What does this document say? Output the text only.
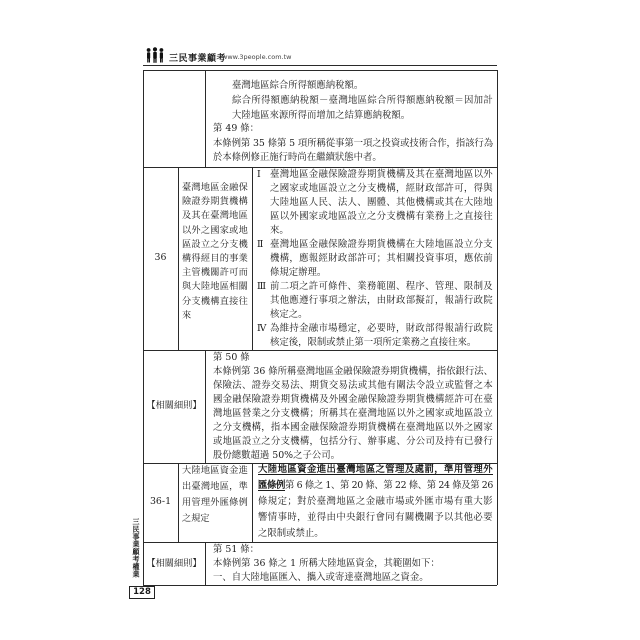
三民事業顧考
www.3people.com.tw
臺灣地區綜合所得額應納稅額。
綜合所得額應納稅額－臺灣地區綜合所得額應納稅額＝因加計
大陸地區來源所得而增加之結算應納稅額。
第 49 條：
本條例第 35 條第 5 項所稱從事第一項之投資或技術合作，指該行為
於本條例修正施行時尚在繼續狀態中者。
36
臺灣地區金融保
險證券期貨機構
及其在臺灣地區
以外之國家或地
區設立之分支機
構得經目的事業
主管機關許可而
與大陸地區相關
分支機構直接往
來
Ⅰ 臺灣地區金融保險證券期貨機構及其在臺灣地區以外
之國家或地區設立之分支機構，經財政部許可，得與
大陸地區人民、法人、團體、其他機構或其在大陸地
區以外國家或地區設立之分支機構有業務上之直接往
來。
Ⅱ 臺灣地區金融保險證券期貨機構在大陸地區設立分支
機構，應報經財政部許可；其相關投資事項，應依前
條規定辦理。
Ⅲ 前二項之許可條件、業務範圍、程序、管理、限制及
其他應遵行事項之辦法，由財政部擬訂，報請行政院
核定之。
Ⅳ 為維持金融市場穩定，必要時，財政部得報請行政院
核定後，限制或禁止第一項所定業務之直接往來。
【相關細則】
第 50 條
本條例第 36 條所稱臺灣地區金融保險證券期貨機構，指依銀行法、
保險法、證券交易法、期貨交易法或其他有關法令設立或監督之本
國金融保險證券期貨機構及外國金融保險證券期貨機構經許可在臺
灣地區營業之分支機構；所稱其在臺灣地區以外之國家或地區設立
之分支機構，指本國金融保險證券期貨機構在臺灣地區以外之國家
或地區設立之分支機構，包括分行、辦事處、分公司及持有已發行
股份總數超過 50%之子公司。
36-1
大陸地區資金進
出臺灣地區，準
用管理外匯條例
之規定
大陸地區資金進出臺灣地區之管理及處罰，準用管理外
匯條例第 6 條之 1、第 20 條、第 22 條、第 24 條及第 26
條規定；對於臺灣地區之金融市場或外匯市場有重大影
響情事時，並得由中央銀行會同有關機關予以其他必要
之限制或禁止。
【相關細則】
第 51 條：
本條例第 36 條之 1 所稱大陸地區資金，其範圍如下：
一、自大陸地區匯入、攜入或寄達臺灣地區之資金。
三民事業顧考權業
128
